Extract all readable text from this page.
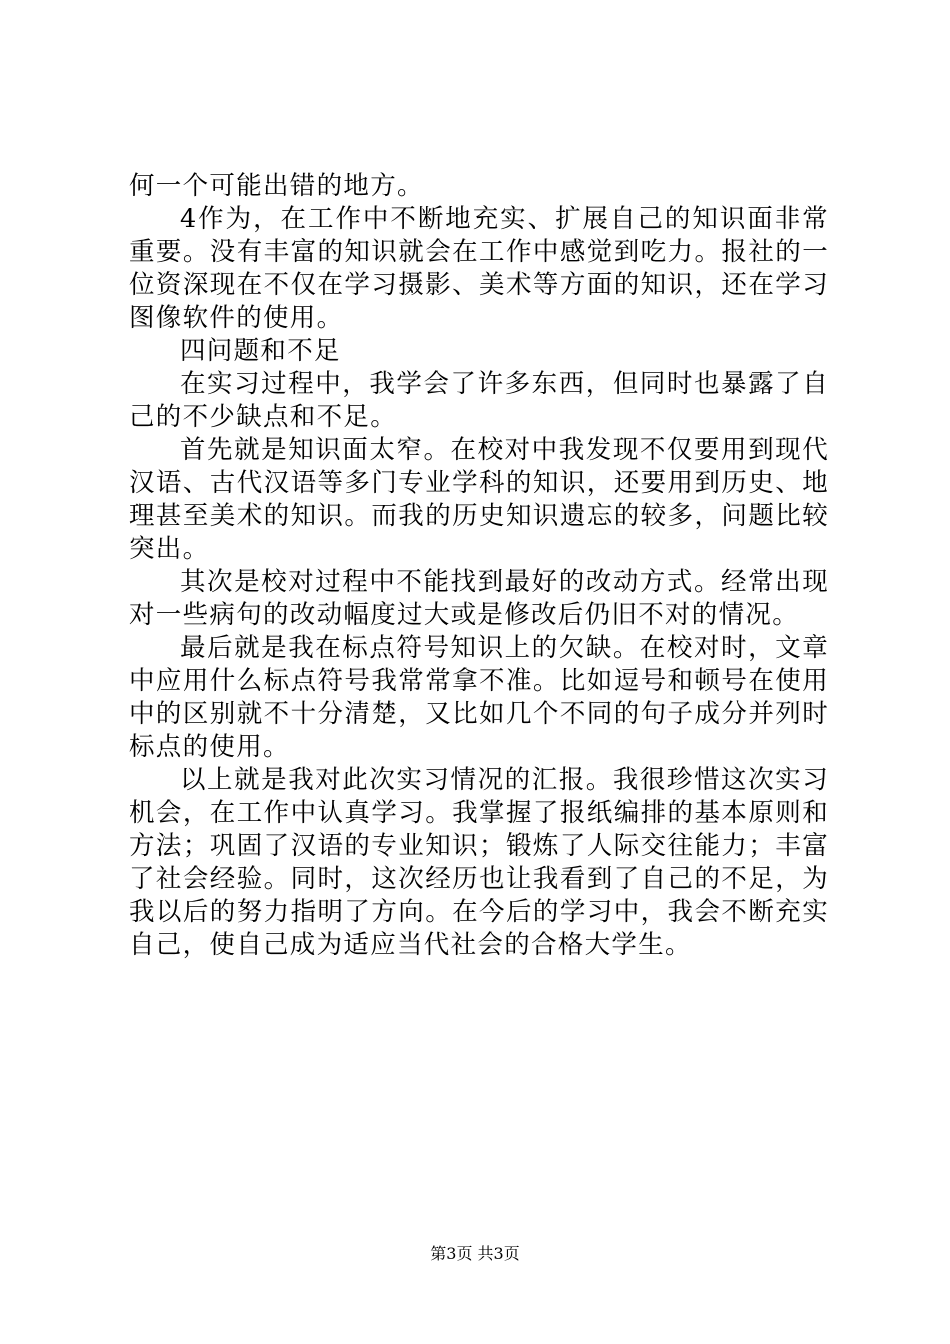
何一个可能出错的地方。

4作为，在工作中不断地充实、扩展自己的知识面非常重要。没有丰富的知识就会在工作中感觉到吃力。报社的一位资深现在不仅在学习摄影、美术等方面的知识，还在学习图像软件的使用。

四问题和不足

在实习过程中，我学会了许多东西，但同时也暴露了自己的不少缺点和不足。

首先就是知识面太窄。在校对中我发现不仅要用到现代汉语、古代汉语等多门专业学科的知识，还要用到历史、地理甚至美术的知识。而我的历史知识遗忘的较多，问题比较突出。

其次是校对过程中不能找到最好的改动方式。经常出现对一些病句的改动幅度过大或是修改后仍旧不对的情况。

最后就是我在标点符号知识上的欠缺。在校对时，文章中应用什么标点符号我常常拿不准。比如逗号和顿号在使用中的区别就不十分清楚，又比如几个不同的句子成分并列时标点的使用。

以上就是我对此次实习情况的汇报。我很珍惜这次实习机会，在工作中认真学习。我掌握了报纸编排的基本原则和方法；巩固了汉语的专业知识；锻炼了人际交往能力；丰富了社会经验。同时，这次经历也让我看到了自己的不足，为我以后的努力指明了方向。在今后的学习中，我会不断充实自己，使自己成为适应当代社会的合格大学生。

第3页 共3页
